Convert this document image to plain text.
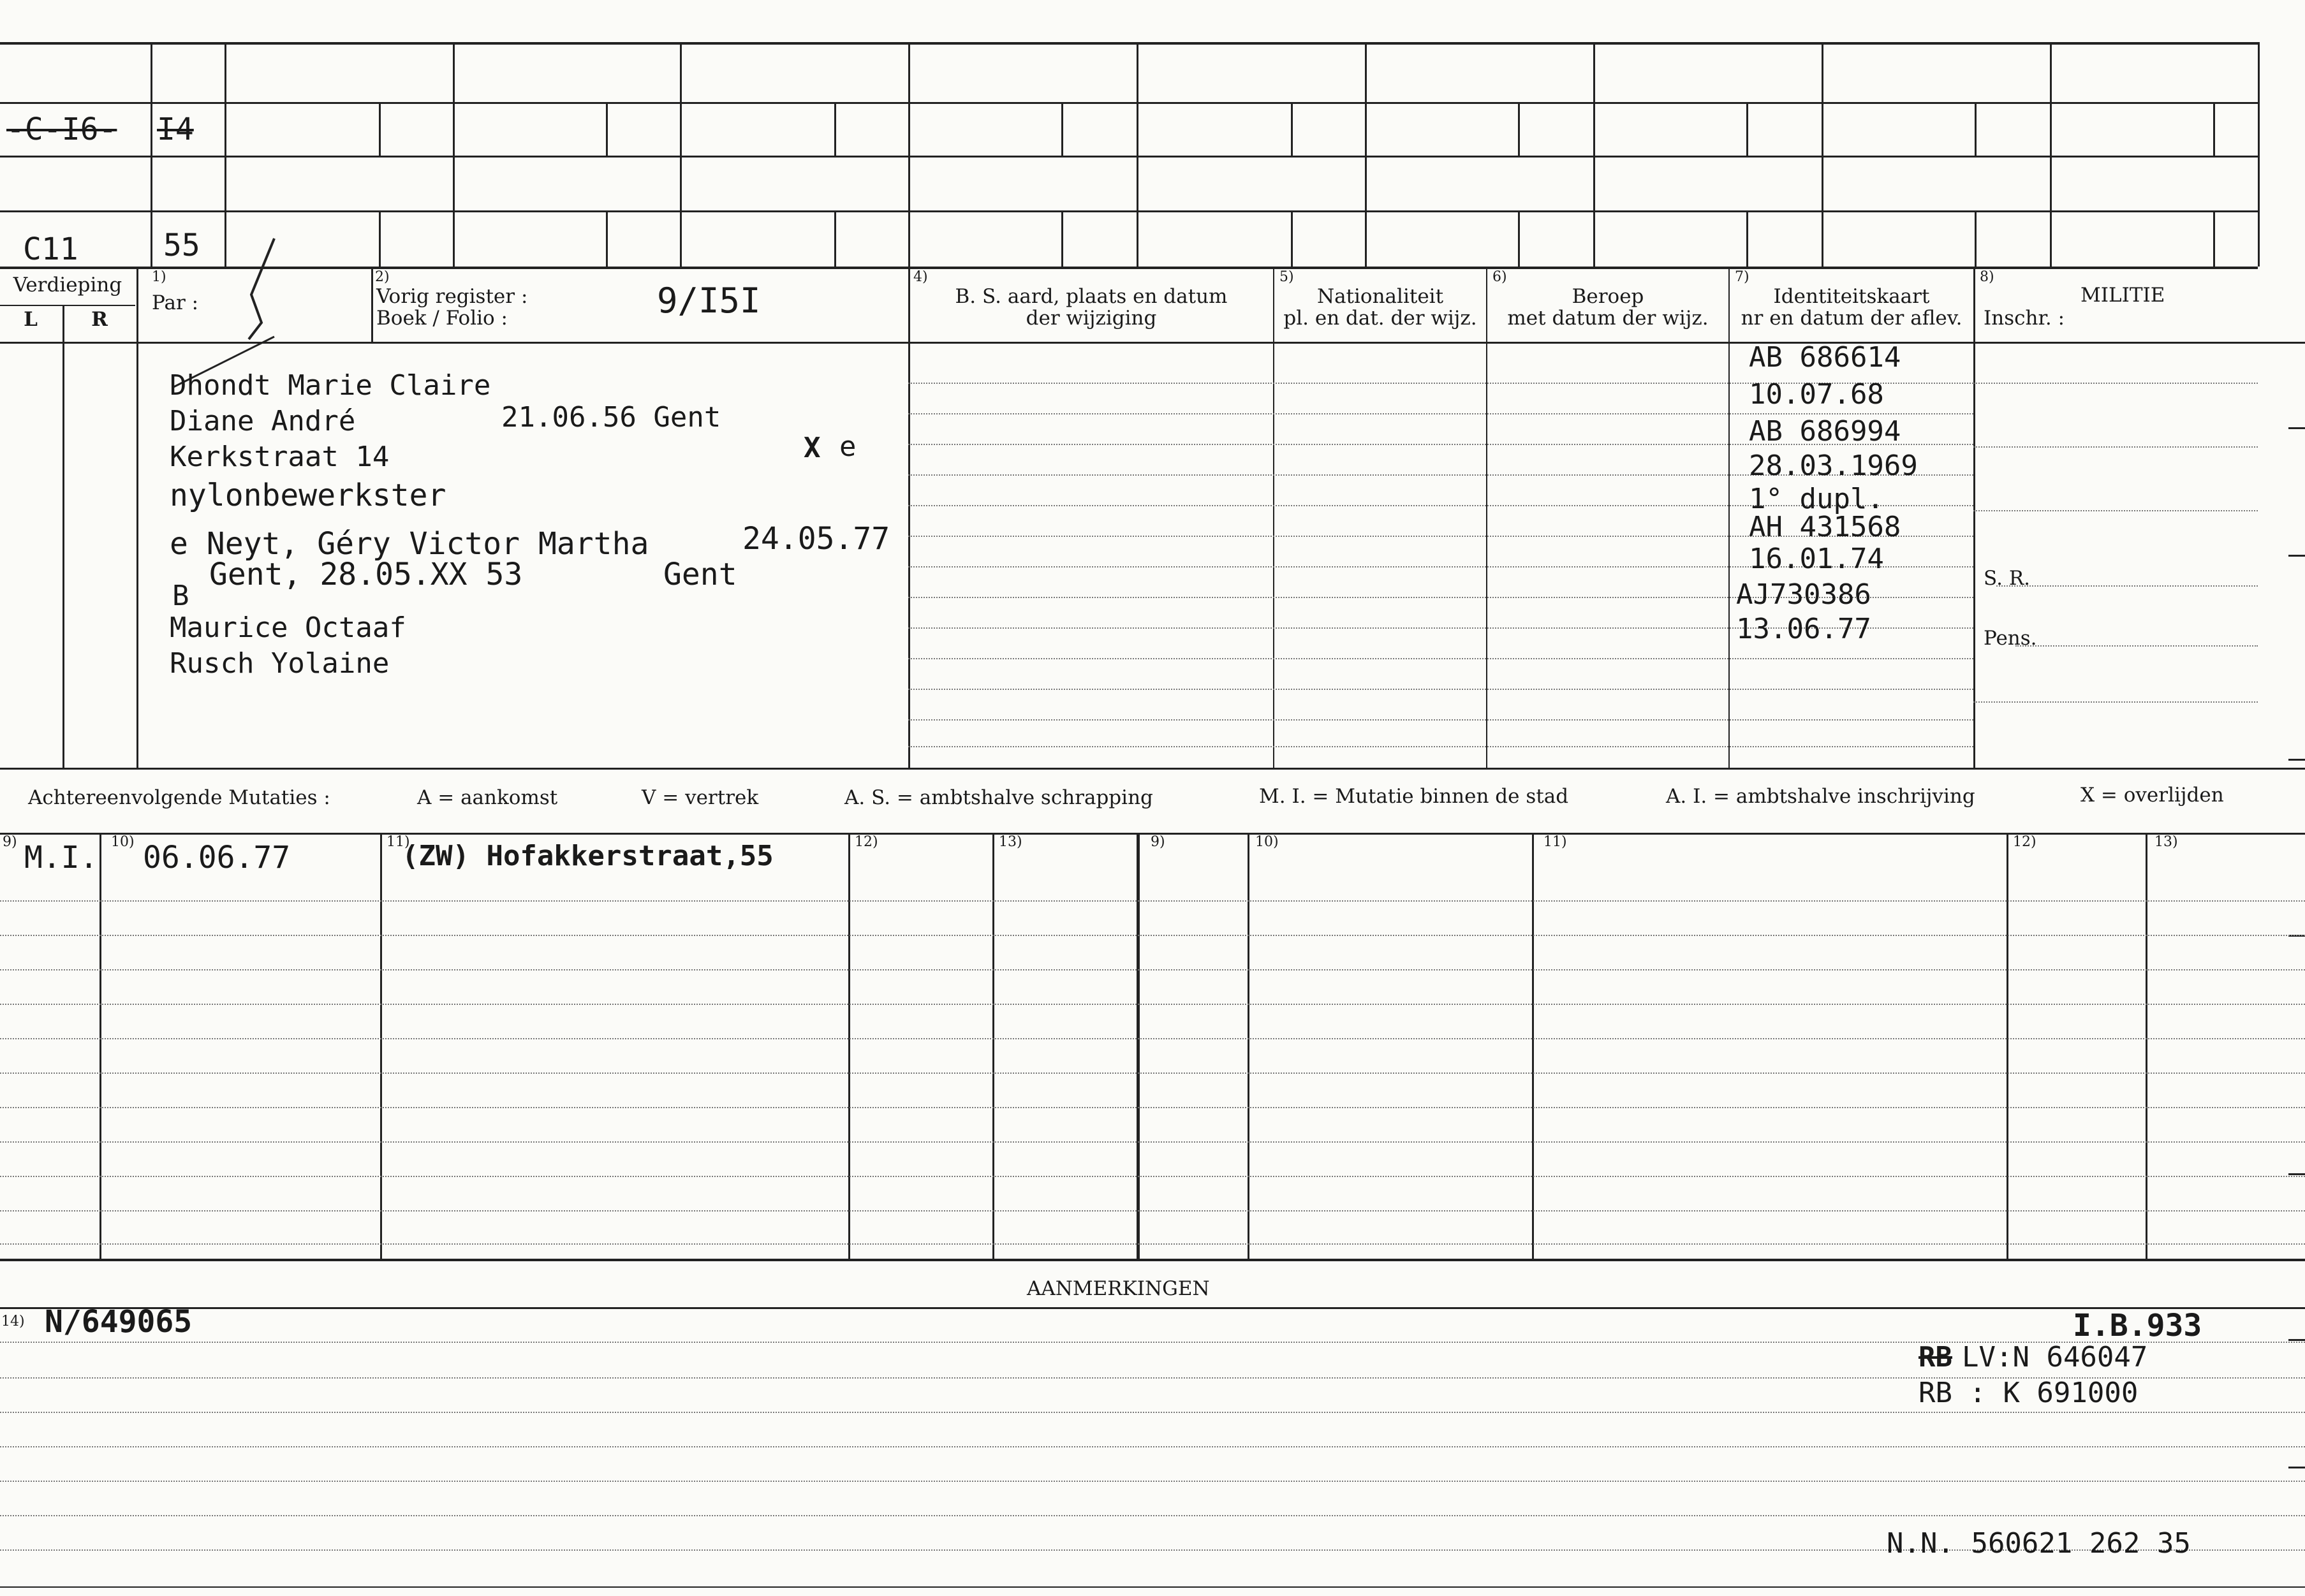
-C-I6- I4
C11	55
Verdieping
L	R
1)
Par :
2)
Vorig register :
Boek / Folio :	9/I5I
4)
B. S. aard, plaats en datum
der wijziging
5)
Nationaliteit
pl. en dat. der wijz.
6)
Beroep
met datum der wijz.
7)
Identiteitskaart
nr en datum der aflev.
8)
MILITIE
Inschr. :
S. R.
Pens.
Dhondt Marie Claire
Diane André	21.06.56 Gent
Kerkstraat 14	X e
nylonbewerkster
e Neyt, Géry Victor Martha	24.05.77
B
Gent, 28.05.XX 53	Gent
Maurice Octaaf
Rusch Yolaine
AB 686614
10.07.68
AB 686994
28.03.1969
1° dupl.
AH 431568
16.01.74
AJ730386
13.06.77
Achtereenvolgende Mutaties :	A = aankomst	V = vertrek	A. S. = ambtshalve schrapping	M. I. = Mutatie binnen de stad	A. I. = ambtshalve inschrijving	X = overlijden
9)	10)	11)	12)	13)	9)	10)	11)	12)	13)
M.I. 06.06.77	(ZW) Hofakkerstraat,55
AANMERKINGEN
14) N/649065	I.B.933
RB LV:N 646047
RB : K 691000
N.N. 560621 262 35
